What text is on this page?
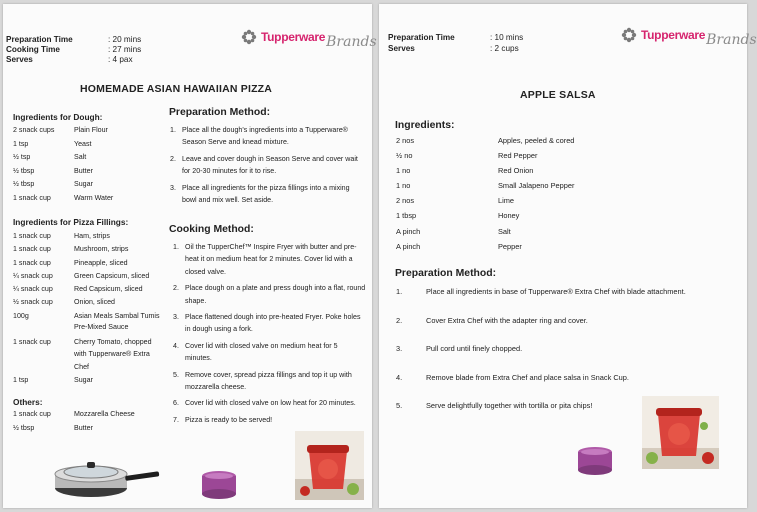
Preparation Time	: 20 mins
Cooking Time	: 27 mins
Serves	: 4 pax
Tupperware Brands
HOMEMADE ASIAN HAWAIIAN PIZZA
Ingredients for Dough:
2 snack cups	Plain Flour
1 tsp	Yeast
½ tsp	Salt
½ tbsp	Butter
½ tbsp	Sugar
1 snack cup	Warm Water
Ingredients for Pizza Fillings:
1 snack cup	Ham, strips
1 snack cup	Mushroom, strips
1 snack cup	Pineapple, sliced
¼ snack cup	Green Capsicum, sliced
¼ snack cup	Red Capsicum, sliced
½ snack cup	Onion, sliced
100g	Asian Meals Sambal Tumis Pre-Mixed Sauce
1 snack cup	Cherry Tomato, chopped with Tupperware® Extra Chef
1 tsp	Sugar
Others:
1 snack cup	Mozzarella Cheese
½ tbsp	Butter
Preparation Method:
1. Place all the dough's ingredients into a Tupperware® Season Serve and knead mixture.
2. Leave and cover dough in Season Serve and cover wait for 20-30 minutes for it to rise.
3. Place all ingredients for the pizza fillings into a mixing bowl and mix well. Set aside.
Cooking Method:
1. Oil the TupperChef™ Inspire Fryer with butter and pre-heat it on medium heat for 2 minutes. Cover lid with a closed valve.
2. Place dough on a plate and press dough into a flat, round shape.
3. Place flattened dough into pre-heated Fryer. Poke holes in dough using a fork.
4. Cover lid with closed valve on medium heat for 5 minutes.
5. Remove cover, spread pizza fillings and top it up with mozzarella cheese.
6. Cover lid with closed valve on low heat for 20 minutes.
7. Pizza is ready to be served!
Preparation Time	: 10 mins
Serves	: 2 cups
Tupperware Brands
APPLE SALSA
Ingredients:
2 nos	Apples, peeled & cored
½ no	Red Pepper
1 no	Red Onion
1 no	Small Jalapeno Pepper
2 nos	Lime
1 tbsp	Honey
A pinch	Salt
A pinch	Pepper
Preparation Method:
1.	Place all ingredients in base of Tupperware® Extra Chef with blade attachment.
2.	Cover Extra Chef with the adapter ring and cover.
3.	Pull cord until finely chopped.
4.	Remove blade from Extra Chef and place salsa in Snack Cup.
5.	Serve delightfully together with tortilla or pita chips!
